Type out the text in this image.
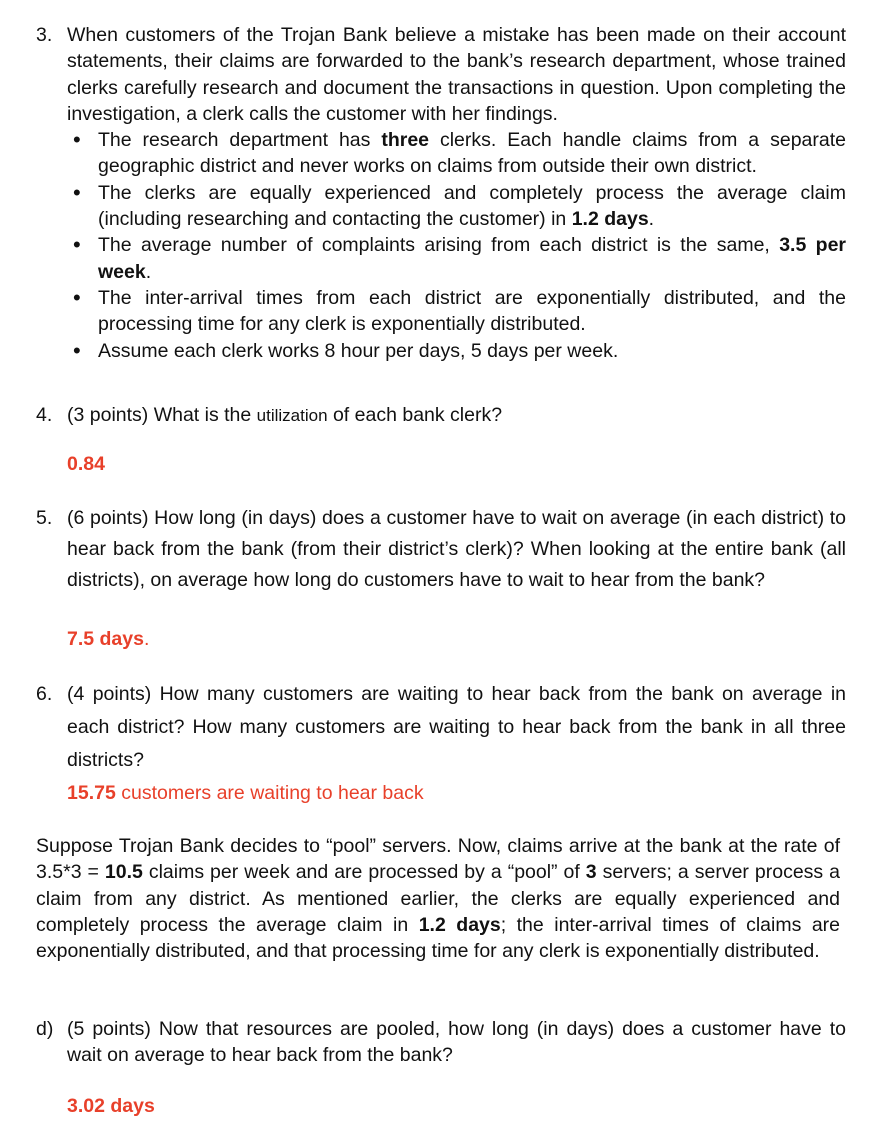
3. When customers of the Trojan Bank believe a mistake has been made on their account statements, their claims are forwarded to the bank’s research department, whose trained clerks carefully research and document the transactions in question. Upon completing the investigation, a clerk calls the customer with her findings.
• The research department has three clerks. Each handle claims from a separate geographic district and never works on claims from outside their own district.
• The clerks are equally experienced and completely process the average claim (including researching and contacting the customer) in 1.2 days.
• The average number of complaints arising from each district is the same, 3.5 per week.
• The inter-arrival times from each district are exponentially distributed, and the processing time for any clerk is exponentially distributed.
• Assume each clerk works 8 hour per days, 5 days per week.
4. (3 points) What is the utilization of each bank clerk?
0.84
5. (6 points) How long (in days) does a customer have to wait on average (in each district) to hear back from the bank (from their district’s clerk)? When looking at the entire bank (all districts), on average how long do customers have to wait to hear from the bank?
7.5 days.
6. (4 points) How many customers are waiting to hear back from the bank on average in each district? How many customers are waiting to hear back from the bank in all three districts?
15.75 customers are waiting to hear back
Suppose Trojan Bank decides to “pool” servers. Now, claims arrive at the bank at the rate of 3.5*3 = 10.5 claims per week and are processed by a “pool” of 3 servers; a server process a claim from any district. As mentioned earlier, the clerks are equally experienced and completely process the average claim in 1.2 days; the inter-arrival times of claims are exponentially distributed, and that processing time for any clerk is exponentially distributed.
d) (5 points) Now that resources are pooled, how long (in days) does a customer have to wait on average to hear back from the bank?
3.02 days
